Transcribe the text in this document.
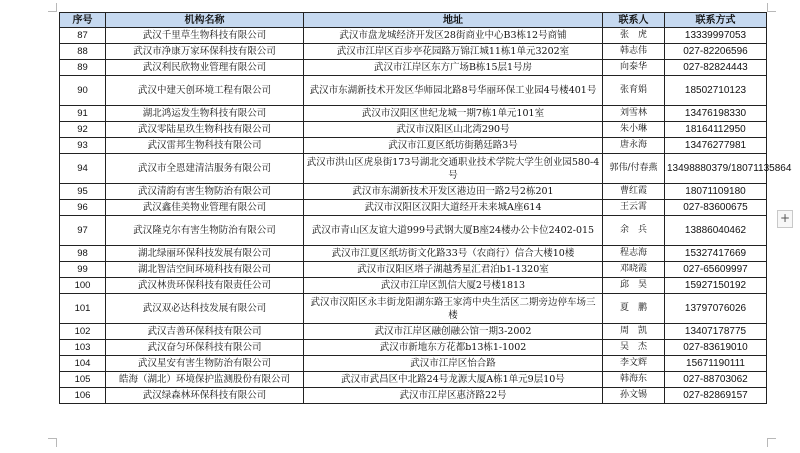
序号	机构名称	地址	联系人	联系方式
87	武汉千里草生物科技有限公司	武汉市盘龙城经济开发区28街商业中心B3栋12号商铺	张　虎	13339997053
88	武汉市净康万家环保科技有限公司	武汉市江岸区百步亭花园路万锦江城11栋1单元3202室	韩志伟	027-82206596
89	武汉利民欣物业管理有限公司	武汉市江岸区东方广场B栋15层1号房	向泰华	027-82824443
90	武汉中建天创环境工程有限公司	武汉市东湖新技术开发区华师园北路8号华丽环保工业园4号楼401号	张育娟	18502710123
91	湖北鸿运发生物科技有限公司	武汉市汉阳区世纪龙城一期7栋1单元101室	刘雪林	13476198330
92	武汉零陆星玖生物科技有限公司	武汉市汉阳区山北湾290号	朱小琳	18164112950
93	武汉雷邦生物科技有限公司	武汉市江夏区纸坊街鹅廷路3号	唐永海	13476277981
94	武汉市全恩建清洁服务有限公司	武汉市洪山区虎泉街173号湖北交通职业技术学院大学生创业园580-4号	郭伟/付春燕	13498880379/18071135864
95	武汉清韵有害生物防治有限公司	武汉市东湖新技术开发区港边田一路2号2栋201	曹红霞	18071109180
96	武汉鑫佳美物业管理有限公司	武汉市汉阳区汉阳大道经开未来城A座614	王云霄	027-83600675
97	武汉隆克尔有害生物防治有限公司	武汉市青山区友谊大道999号武钢大厦B座24楼办公卡位2402-015	余　兵	13886040462
98	湖北绿丽环保科技发展有限公司	武汉市江夏区纸坊街文化路33号（农商行）信合大楼10楼	程志海	15327417669
99	湖北智洁空间环境科技有限公司	武汉市汉阳区塔子湖越秀星汇君泊b1-1320室	邓晓霞	027-65609997
100	武汉林贵环保科技有限责任公司	武汉市江岸区凯信大厦2号楼1813	邱　昊	15927150192
101	武汉双必达科技发展有限公司	武汉市汉阳区永丰街龙阳湖东路王家湾中央生活区二期旁边停车场三楼	夏　鹏	13797076026
102	武汉吉善环保科技有限公司	武汉市江岸区融创融公馆一期3-2002	周　凯	13407178775
103	武汉奋匀环保科技有限公司	武汉市新地东方花都b13栋1-1002	吴　杰	027-83619010
104	武汉星安有害生物防治有限公司	武汉市江岸区怡合路	李文辉	15671190111
105	皓海（湖北）环境保护监测股份有限公司	武汉市武昌区中北路24号龙源大厦A栋1单元9层10号	韩海东	027-88703062
106	武汉绿森林环保科技有限公司	武汉市江岸区惠济路22号	孙文锡	027-82869157
+
